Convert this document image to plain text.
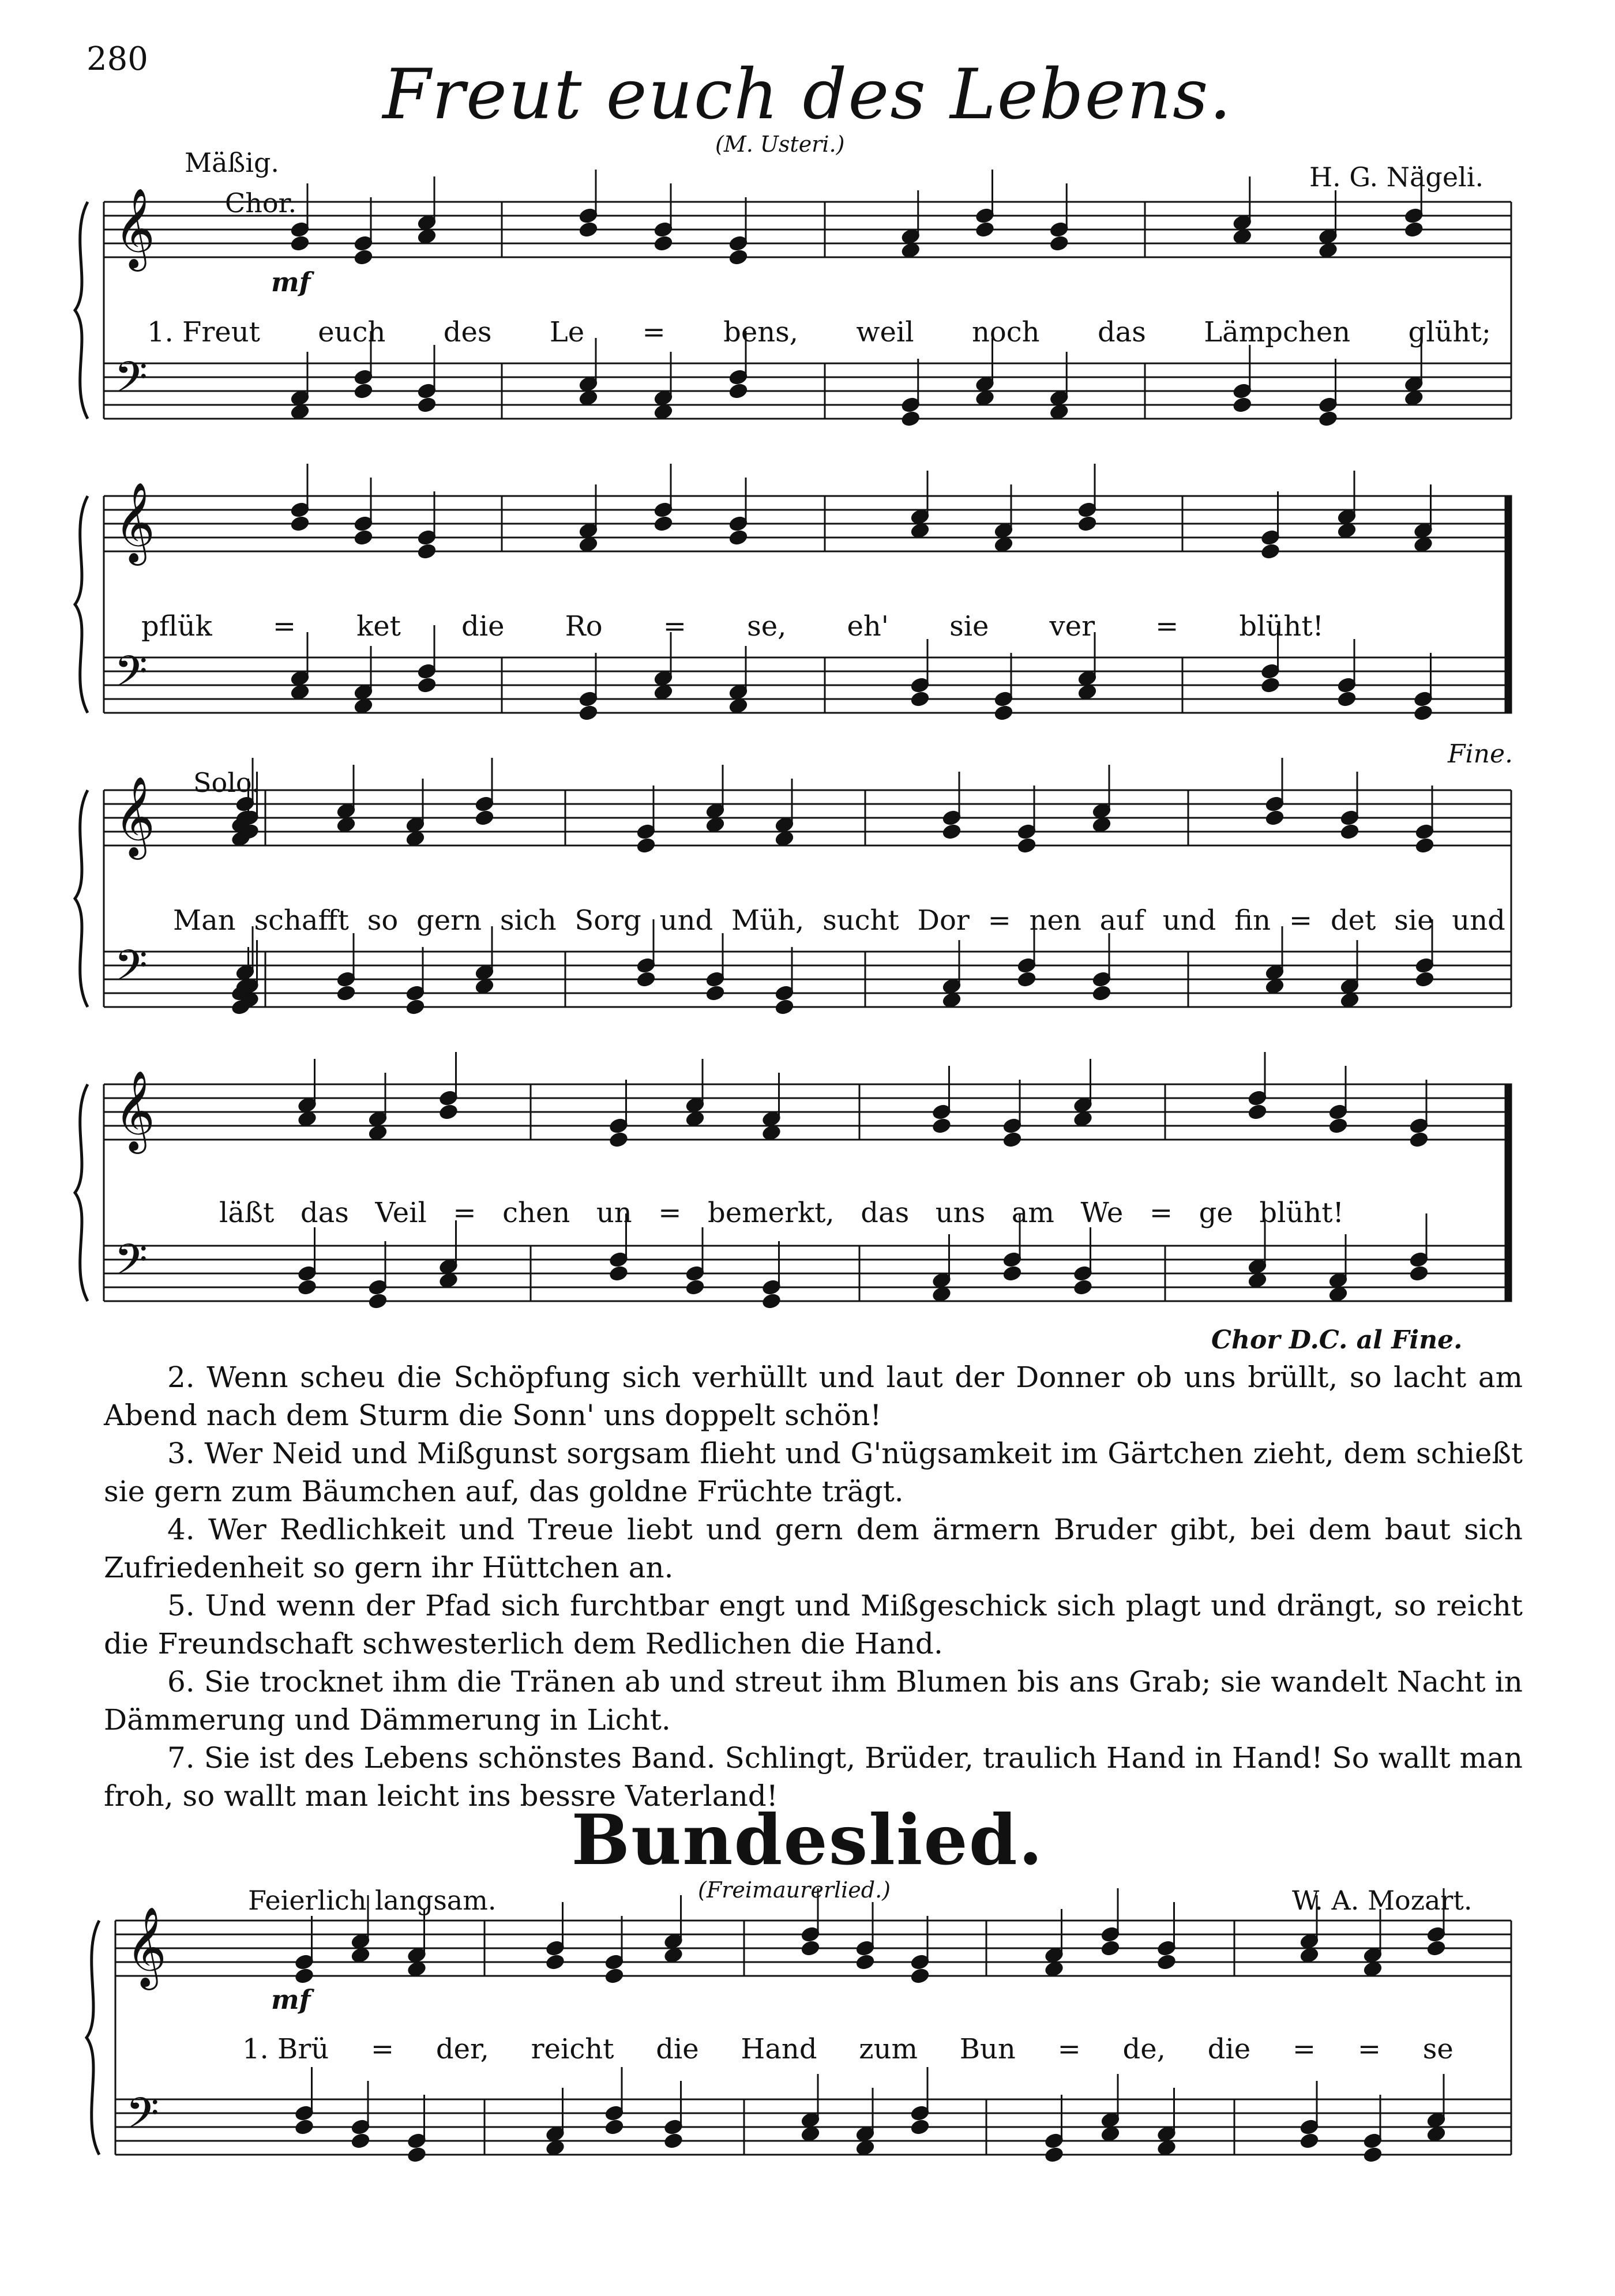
280	Freut euch des Lebens.
(M. Usteri.)
Mäßig.	H. G. Nägeli.
Chor.
mf
Solo.
Fine.
Chor D.C. al Fine.
𝄞
𝄢
𝄞
𝄢
𝄞
𝄢
𝄞
𝄢
𝄞
𝄢
1. Freut euch des Le = bens, weil noch das Lämpchen glüht;
pflük = ket die Ro = se, eh' sie ver = blüht!
Man schafft so gern sich Sorg und Müh, sucht Dor = nen auf und fin = det sie und
läßt das Veil = chen un = bemerkt, das uns am We = ge blüht!

2. Wenn scheu die Schöpfung sich verhüllt und laut der Donner ob uns brüllt, so lacht am Abend nach dem Sturm die Sonn' uns doppelt schön!

3. Wer Neid und Mißgunst sorgsam flieht und G'nügsamkeit im Gärtchen zieht, dem schießt sie gern zum Bäumchen auf, das goldne Früchte trägt.

4. Wer Redlichkeit und Treue liebt und gern dem ärmern Bruder gibt, bei dem baut sich Zufriedenheit so gern ihr Hüttchen an.

5. Und wenn der Pfad sich furchtbar engt und Mißgeschick sich plagt und drängt, so reicht die Freundschaft schwesterlich dem Redlichen die Hand.

6. Sie trocknet ihm die Tränen ab und streut ihm Blumen bis ans Grab; sie wandelt Nacht in Dämmerung und Dämmerung in Licht.

7. Sie ist des Lebens schönstes Band. Schlingt, Brüder, traulich Hand in Hand! So wallt man froh, so wallt man leicht ins bessre Vaterland!

Bundeslied.
(Freimaurerlied.)
Feierlich langsam.	W. A. Mozart.
mf
1. Brü = der, reicht die Hand zum Bun = de, die = = se
